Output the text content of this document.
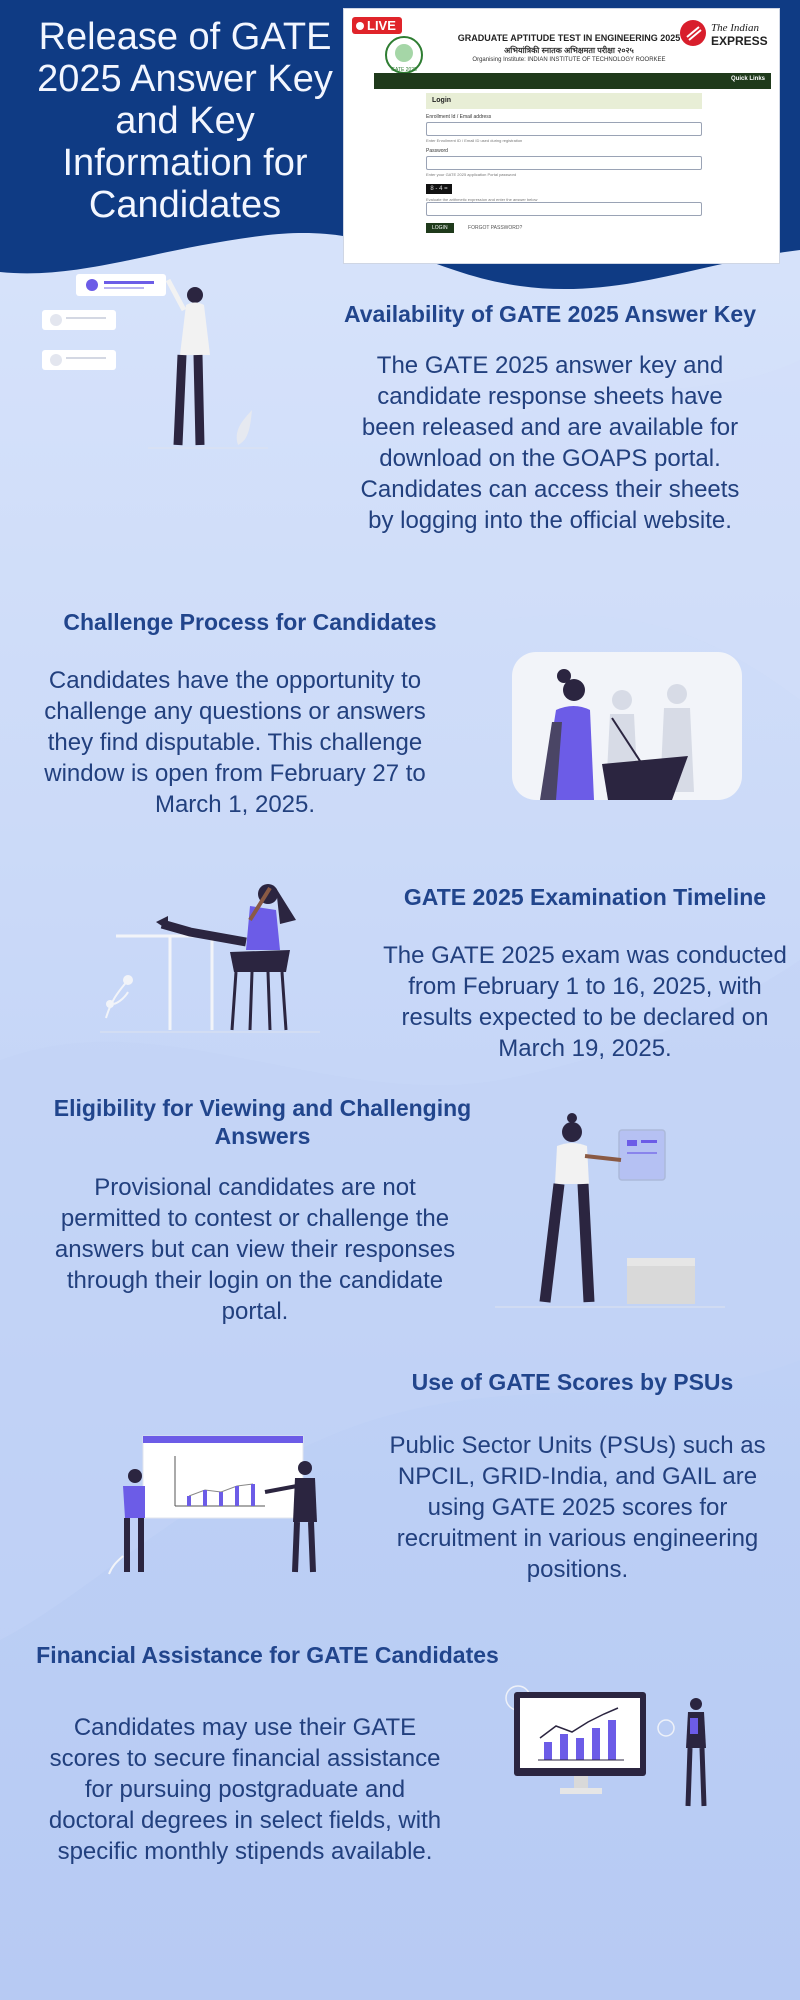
Release of GATE 2025 Answer Key and Key Information for Candidates
LIVE
GATE 2025
GRADUATE APTITUDE TEST IN ENGINEERING 2025
अभियांत्रिकी स्नातक अभिक्षमता परीक्षा २०२५
Organising Institute: INDIAN INSTITUTE OF TECHNOLOGY ROORKEE
The Indian
EXPRESS
Quick Links
Login
Enrollment Id / Email address
Enter Enrollment ID / Email ID used during registration
Password
Enter your GATE 2025 application Portal password
8 - 4 =
Evaluate the arithmetic expression and enter the answer below
LOGIN	FORGOT PASSWORD?
Availability of GATE 2025 Answer Key
The GATE 2025 answer key and candidate response sheets have been released and are available for download on the GOAPS portal. Candidates can access their sheets by logging into the official website.
Challenge Process for Candidates
Candidates have the opportunity to challenge any questions or answers they find disputable. This challenge window is open from February 27 to March 1, 2025.
GATE 2025 Examination Timeline
The GATE 2025 exam was conducted from February 1 to 16, 2025, with results expected to be declared on March 19, 2025.
Eligibility for Viewing and Challenging Answers
Provisional candidates are not permitted to contest or challenge the answers but can view their responses through their login on the candidate portal.
Use of GATE Scores by PSUs
Public Sector Units (PSUs) such as NPCIL, GRID-India, and GAIL are using GATE 2025 scores for recruitment in various engineering positions.
Financial Assistance for GATE Candidates
Candidates may use their GATE scores to secure financial assistance for pursuing postgraduate and doctoral degrees in select fields, with specific monthly stipends available.
